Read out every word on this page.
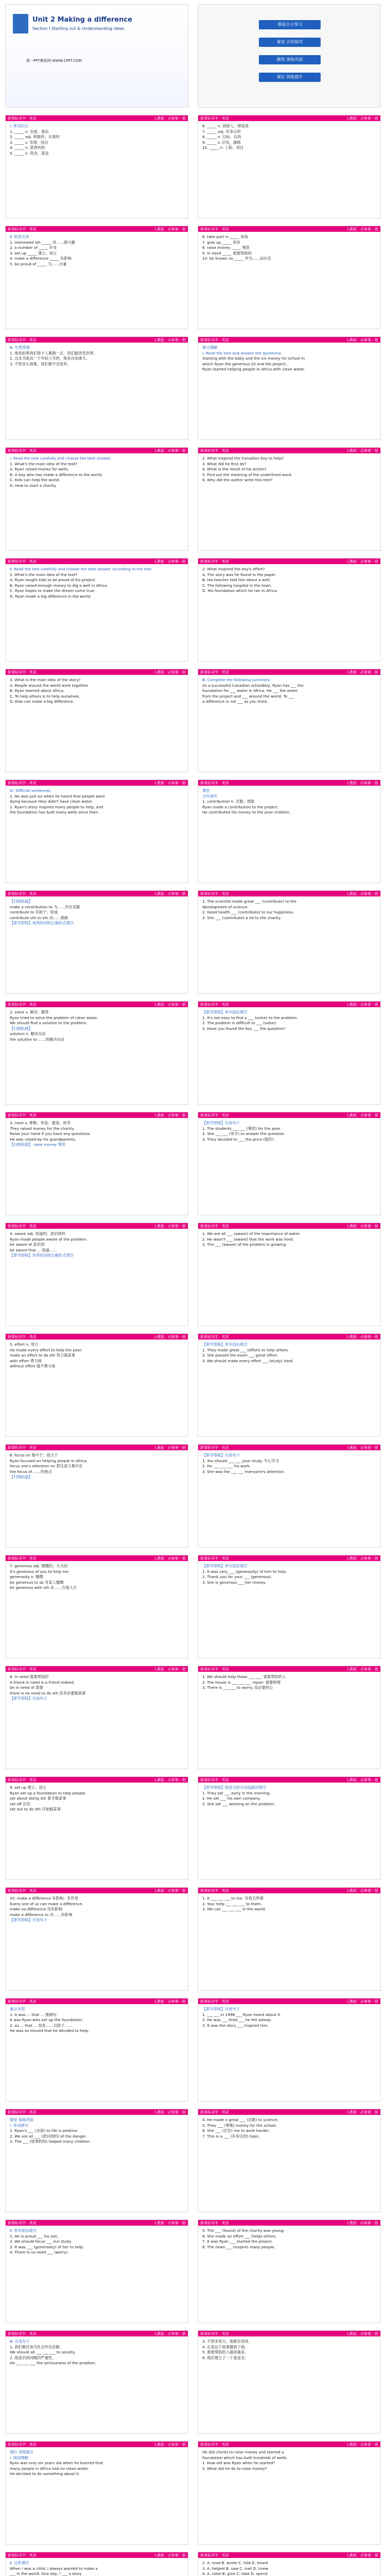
Unit 2 Making a difference
Section Ⅰ Starting out & Understanding ideas
第一PPT模板网-WWW.1PPT.COM
课前自主预习
课堂 合作探究
随堂 演练巩固
课后 训练提升
新课标导学 · 英语	人教版 · 必修第一册
Ⅰ. 单词识记
1. _____ n. 态度，看法
2. _____ adj. 积极的；乐观的
3. _____ v. 发现；找出
4. _____ n. 慈善机构
5. _____ n. 资金，基金
新课标导学 · 英语	人教版 · 必修第一册
6. _____ n. 创始人，缔造者
7. _____ adj. 有争议的
8. _____ n. 目标，目的
9. _____ v. 启发，激励
10. _____ n. 工程，项目
新课标导学 · 英语	人教版 · 必修第一册
Ⅱ. 短语互译
1. interested sth _____ 对……感兴趣
2. a number of _____ 许多
3. set up _____ 建立；创立
4. make a difference _____ 有影响
5. be proud of _____ 为……自豪
新课标导学 · 英语	人教版 · 必修第一册
6. take part in _____ 参加
7. give up _____ 放弃
8. raise money _____ 筹款
9. in need _____ 需要帮助的
10. be known as _____ 作为……而出名
新课标导学 · 英语	人教版 · 必修第一册
Ⅲ. 句型背诵
1. 他说如果我们每个人都做一点，我们能改变世界。
2. 这本书是由一个年轻人写的，他来自加拿大。
3. 不管多么困难，我们都不会放弃。
新课标导学 · 英语	人教版 · 必修第一册
课文理解
Ⅰ. Read the text and answer the questions.
Starting with the baby and the ice money for school in
which Ryan the generous 10 and the project...
Ryan started helping people in Africa with clean water.
新课标导学 · 英语	人教版 · 必修第一册
Ⅰ. Read the text carefully and choose the best answer.
1. What's the main idea of the text?
A. Ryan raised money for wells.
B. A boy who has made a difference to the world.
C. Kids can help the world.
D. How to start a charity.
新课标导学 · 英语	人教版 · 必修第一册
2. What inspired the Canadian boy to help?
3. What did he first do?
4. What is the result of his action?
5. Find out the meaning of the underlined word.
6. Why did the author write this text?
新课标导学 · 英语	人教版 · 必修第一册
Ⅱ. Read the text carefully and choose the best answer according to the text.
1. What's the main idea of the text?
A. Ryan taught kids to be proud of his project.
B. Ryan raised enough money to dig a well in Africa.
C. Ryan hopes to make the dream come true.
D. Ryan made a big difference in the world.
新课标导学 · 英语	人教版 · 必修第一册
2. What inspired the boy's effort?
A. The story was he found in the paper.
B. His teacher told him about a well.
C. The following hospital in the town.
D. His foundation which he ran in Africa.
新课标导学 · 英语	人教版 · 必修第一册
3. What is the main idea of the story?
A. People around the world work together.
B. Ryan learned about Africa.
C. To help others is to help ourselves.
D. Kids can make a big difference.
新课标导学 · 英语	人教版 · 必修第一册
Ⅲ. Complete the following summary.
As a successful Canadian schoolboy, Ryan has ___ the
foundation for ___ water in Africa. He ___ the water
from the project and ___ around the world. To ___
a difference is not ___ as you think.
新课标导学 · 英语	人教版 · 必修第一册
Ⅳ. Difficult sentences
1. He was just six when he heard that people were
dying because they didn't have clean water.
2. Ryan's story inspired many people to help, and
the foundation has built many wells since then.
新课标导学 · 英语	人教版 · 必修第一册
课堂
合作探究
1. contribution n. 贡献；捐款
Ryan made a contribution to the project.
He contributed his money to the poor children.
新课标导学 · 英语	人教版 · 必修第一册
【归纳拓展】
make a contribution to 为……作出贡献
contribute to 有助于；促成
contribute sth to sth 向……捐献
【即学即练】用所给词的正确形式填空
新课标导学 · 英语	人教版 · 必修第一册
1. The scientist made great ___ (contribute) to the
development of science.
2. Good health ___ (contribute) to our happiness.
3. She ___ (contribute) a lot to the charity.
新课标导学 · 英语	人教版 · 必修第一册
2. solve v. 解决；解答
Ryan tried to solve the problem of clean water.
We should find a solution to the problem.
【归纳拓展】
solution n. 解决办法
the solution to ……的解决办法
新课标导学 · 英语	人教版 · 必修第一册
【即学即练】单句语法填空
1. It's not easy to find a ___ (solve) to the problem.
2. The problem is difficult to ___ (solve).
3. Have you found the key ___ the question?
新课标导学 · 英语	人教版 · 必修第一册
3. raise v. 筹集；举起；提高；抚养
They raised money for the charity.
Raise your hand if you have any questions.
He was raised by his grandparents.
【归纳拓展】 raise money 筹款
新课标导学 · 英语	人教版 · 必修第一册
【即学即练】完成句子
1. The students ___ ___ (筹款) for the poor.
2. She ___ ___ (举手) to answer the question.
3. They decided to ___ the price (提价).
新课标导学 · 英语	人教版 · 必修第一册
4. aware adj. 知道的；意识到的
Ryan made people aware of the problem.
be aware of 意识到
be aware that ... 知道……
【即学即练】用所给词的正确形式填空
新课标导学 · 英语	人教版 · 必修第一册
1. We are all ___ (aware) of the importance of water.
2. He wasn't ___ (aware) that the work was hard.
3. The ___ (aware) of the problem is growing.
新课标导学 · 英语	人教版 · 必修第一册
5. effort n. 努力
He made every effort to help the poor.
make an effort to do sth 努力做某事
with effort 费力地
without effort 毫不费力地
新课标导学 · 英语	人教版 · 必修第一册
【即学即练】单句语法填空
1. They made great ___ (effort) to help others.
2. She passed the exam ___ great effort.
3. We should make every effort ___ (study) hard.
新课标导学 · 英语	人教版 · 必修第一册
6. focus on 集中于；致力于
Ryan focused on helping people in Africa.
focus one's attention on 把注意力集中在
the focus of ……的焦点
【归纳拓展】
新课标导学 · 英语	人教版 · 必修第一册
【即学即练】完成句子
1. You should ___ ___ your study. 专心学习
2. He ___ ___ ___ his work.
3. She was the ___ ___ everyone's attention.
新课标导学 · 英语	人教版 · 必修第一册
7. generous adj. 慷慨的；大方的
It's generous of you to help me.
generosity n. 慷慨
be generous to sb 对某人慷慨
be generous with sth 在……方面大方
新课标导学 · 英语	人教版 · 必修第一册
【即学即练】单句语法填空
1. It was very ___ (generosity) of him to help.
2. Thank you for your ___ (generous).
3. She is generous ___ her money.
新课标导学 · 英语	人教版 · 必修第一册
8. in need 需要帮助的
A friend in need is a friend indeed.
be in need of 需要
there is no need to do sth 没有必要做某事
【即学即练】完成句子
新课标导学 · 英语	人教版 · 必修第一册
1. We should help those ___ ___. 需要帮助的人
2. The house is ___ ___ ___ repair. 需要修理
3. There is ___ ___ to worry. 没必要担心
新课标导学 · 英语	人教版 · 必修第一册
9. set up 建立；创立
Ryan set up a foundation to help people.
set about doing sth 着手做某事
set off 出发
set out to do sth 开始做某事
新课标导学 · 英语	人教版 · 必修第一册
【即学即练】用适当的介词或副词填空
1. They set ___ early in the morning.
2. He set ___ his own company.
3. She set ___ working on the problem.
新课标导学 · 英语	人教版 · 必修第一册
10. make a difference 有影响；有作用
Every one of us can make a difference.
make no difference 没有影响
make a difference to 对……有影响
【即学即练】完成句子
新课标导学 · 英语	人教版 · 必修第一册
1. It ___ ___ ___ to me. 对我无所谓
2. Your help ___ ___ ___ to them.
3. We can ___ ___ ___ in the world.
新课标导学 · 英语	人教版 · 必修第一册
重点句型
1. It was ... that ... 强调句
It was Ryan who set up the foundation.
2. so ... that ... 如此……以致于……
He was so moved that he decided to help.
新课标导学 · 英语	人教版 · 必修第一册
【即学即练】完成句子
1. ___ ___ in 1998 ___ Ryan heard about it.
2. He was ___ tired ___ he fell asleep.
3. It was the story ___ inspired him.
新课标导学 · 英语	人教版 · 必修第一册
随堂 演练巩固
Ⅰ. 单词拼写
1. Ryan's ___ (态度) to life is positive.
2. We are all ___ (意识到的) of the danger.
3. The ___ (慈善机构) helped many children.
新课标导学 · 英语	人教版 · 必修第一册
4. He made a great ___ (贡献) to science.
5. They ___ (筹集) money for the school.
6. She ___ (启发) me to work harder.
7. This is a ___ (有争议的) topic.
新课标导学 · 英语	人教版 · 必修第一册
Ⅱ. 单句语法填空
1. He is proud ___ his son.
2. We should focus ___ our study.
3. It was ___ (generosity) of her to help.
4. There is no need ___ (worry).
新课标导学 · 英语	人教版 · 必修第一册
5. The ___ (found) of the charity was young.
6. She made an effort ___ (help) others.
7. It was Ryan ___ started the project.
8. The news ___ (inspire) many people.
新课标导学 · 英语	人教版 · 必修第一册
Ⅲ. 完成句子
1. 我们都应该为社会作出贡献。
We should all ___ ___ ___ to society.
2. 他意识到问题的严重性。
He ___ ___ ___ the seriousness of the problem.
新课标导学 · 英语	人教版 · 必修第一册
3. 不管多努力，他都会坚持。
4. 正是这个故事激励了他。
5. 需要帮助的人越来越多。
6. 他们建立了一个基金会。
新课标导学 · 英语	人教版 · 必修第一册
课后 训练提升
Ⅰ. 阅读理解
Ryan was only six years old when he learned that
many people in Africa had no clean water.
He decided to do something about it.
新课标导学 · 英语	人教版 · 必修第一册
He did chores to raise money and started a
foundation which has built hundreds of wells.
1. How old was Ryan when he started?
2. What did he do to raise money?
新课标导学 · 英语	人教版 · 必修第一册
Ⅱ. 完形填空
When I was a child, I always wanted to make a
___ in the world. One day, I ___ a story
新课标导学 · 英语	人教版 · 必修第一册
2. A. read B. wrote C. told D. heard
3. A. helped B. saw C. met D. knew
4. A. raise B. give C. take D. spend
